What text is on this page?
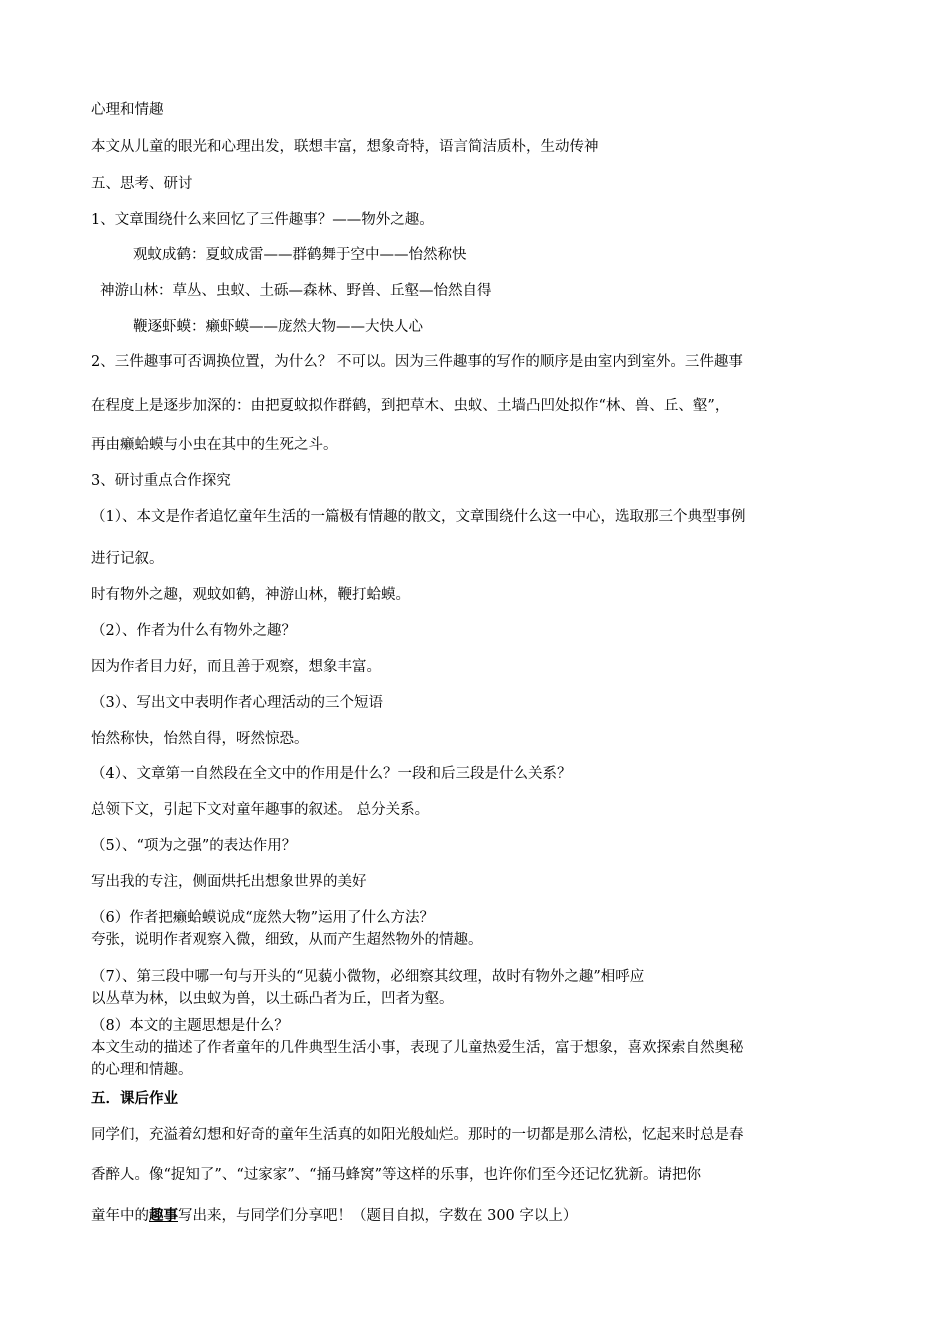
心理和情趣
本文从儿童的眼光和心理出发，联想丰富，想象奇特，语言简洁质朴，生动传神
五、思考、研讨
1、文章围绕什么来回忆了三件趣事？——物外之趣。
观蚊成鹤：夏蚊成雷——群鹤舞于空中——怡然称快
神游山林：草丛、虫蚁、土砾—森林、野兽、丘壑—怡然自得
鞭逐虾蟆：癞虾蟆——庞然大物——大快人心
2、三件趣事可否调换位置，为什么？ 不可以。因为三件趣事的写作的顺序是由室内到室外。三件趣事
在程度上是逐步加深的：由把夏蚊拟作群鹤，到把草木、虫蚁、土墙凸凹处拟作“林、兽、丘、壑”，
再由癞蛤蟆与小虫在其中的生死之斗。
3、研讨重点合作探究
（1）、本文是作者追忆童年生活的一篇极有情趣的散文，文章围绕什么这一中心，选取那三个典型事例
进行记叙。
时有物外之趣，观蚊如鹤，神游山林，鞭打蛤蟆。
（2）、作者为什么有物外之趣？
因为作者目力好，而且善于观察，想象丰富。
（3）、写出文中表明作者心理活动的三个短语
怡然称快，怡然自得，呀然惊恐。
（4）、文章第一自然段在全文中的作用是什么？一段和后三段是什么关系？
总领下文，引起下文对童年趣事的叙述。 总分关系。
（5）、“项为之强”的表达作用？
写出我的专注，侧面烘托出想象世界的美好
（6）作者把癞蛤蟆说成“庞然大物”运用了什么方法？
夸张，说明作者观察入微，细致，从而产生超然物外的情趣。
（7）、第三段中哪一句与开头的“见藐小微物，必细察其纹理，故时有物外之趣”相呼应
以丛草为林，以虫蚁为兽，以土砾凸者为丘，凹者为壑。
（8）本文的主题思想是什么？
本文生动的描述了作者童年的几件典型生活小事，表现了儿童热爱生活，富于想象，喜欢探索自然奥秘
的心理和情趣。
五．课后作业
同学们，充溢着幻想和好奇的童年生活真的如阳光般灿烂。那时的一切都是那么清松，忆起来时总是春
香醉人。像“捉知了”、“过家家”、“捅马蜂窝”等这样的乐事，也许你们至今还记忆犹新。请把你
童年中的趣事写出来，与同学们分享吧！（题目自拟，字数在 300 字以上）
